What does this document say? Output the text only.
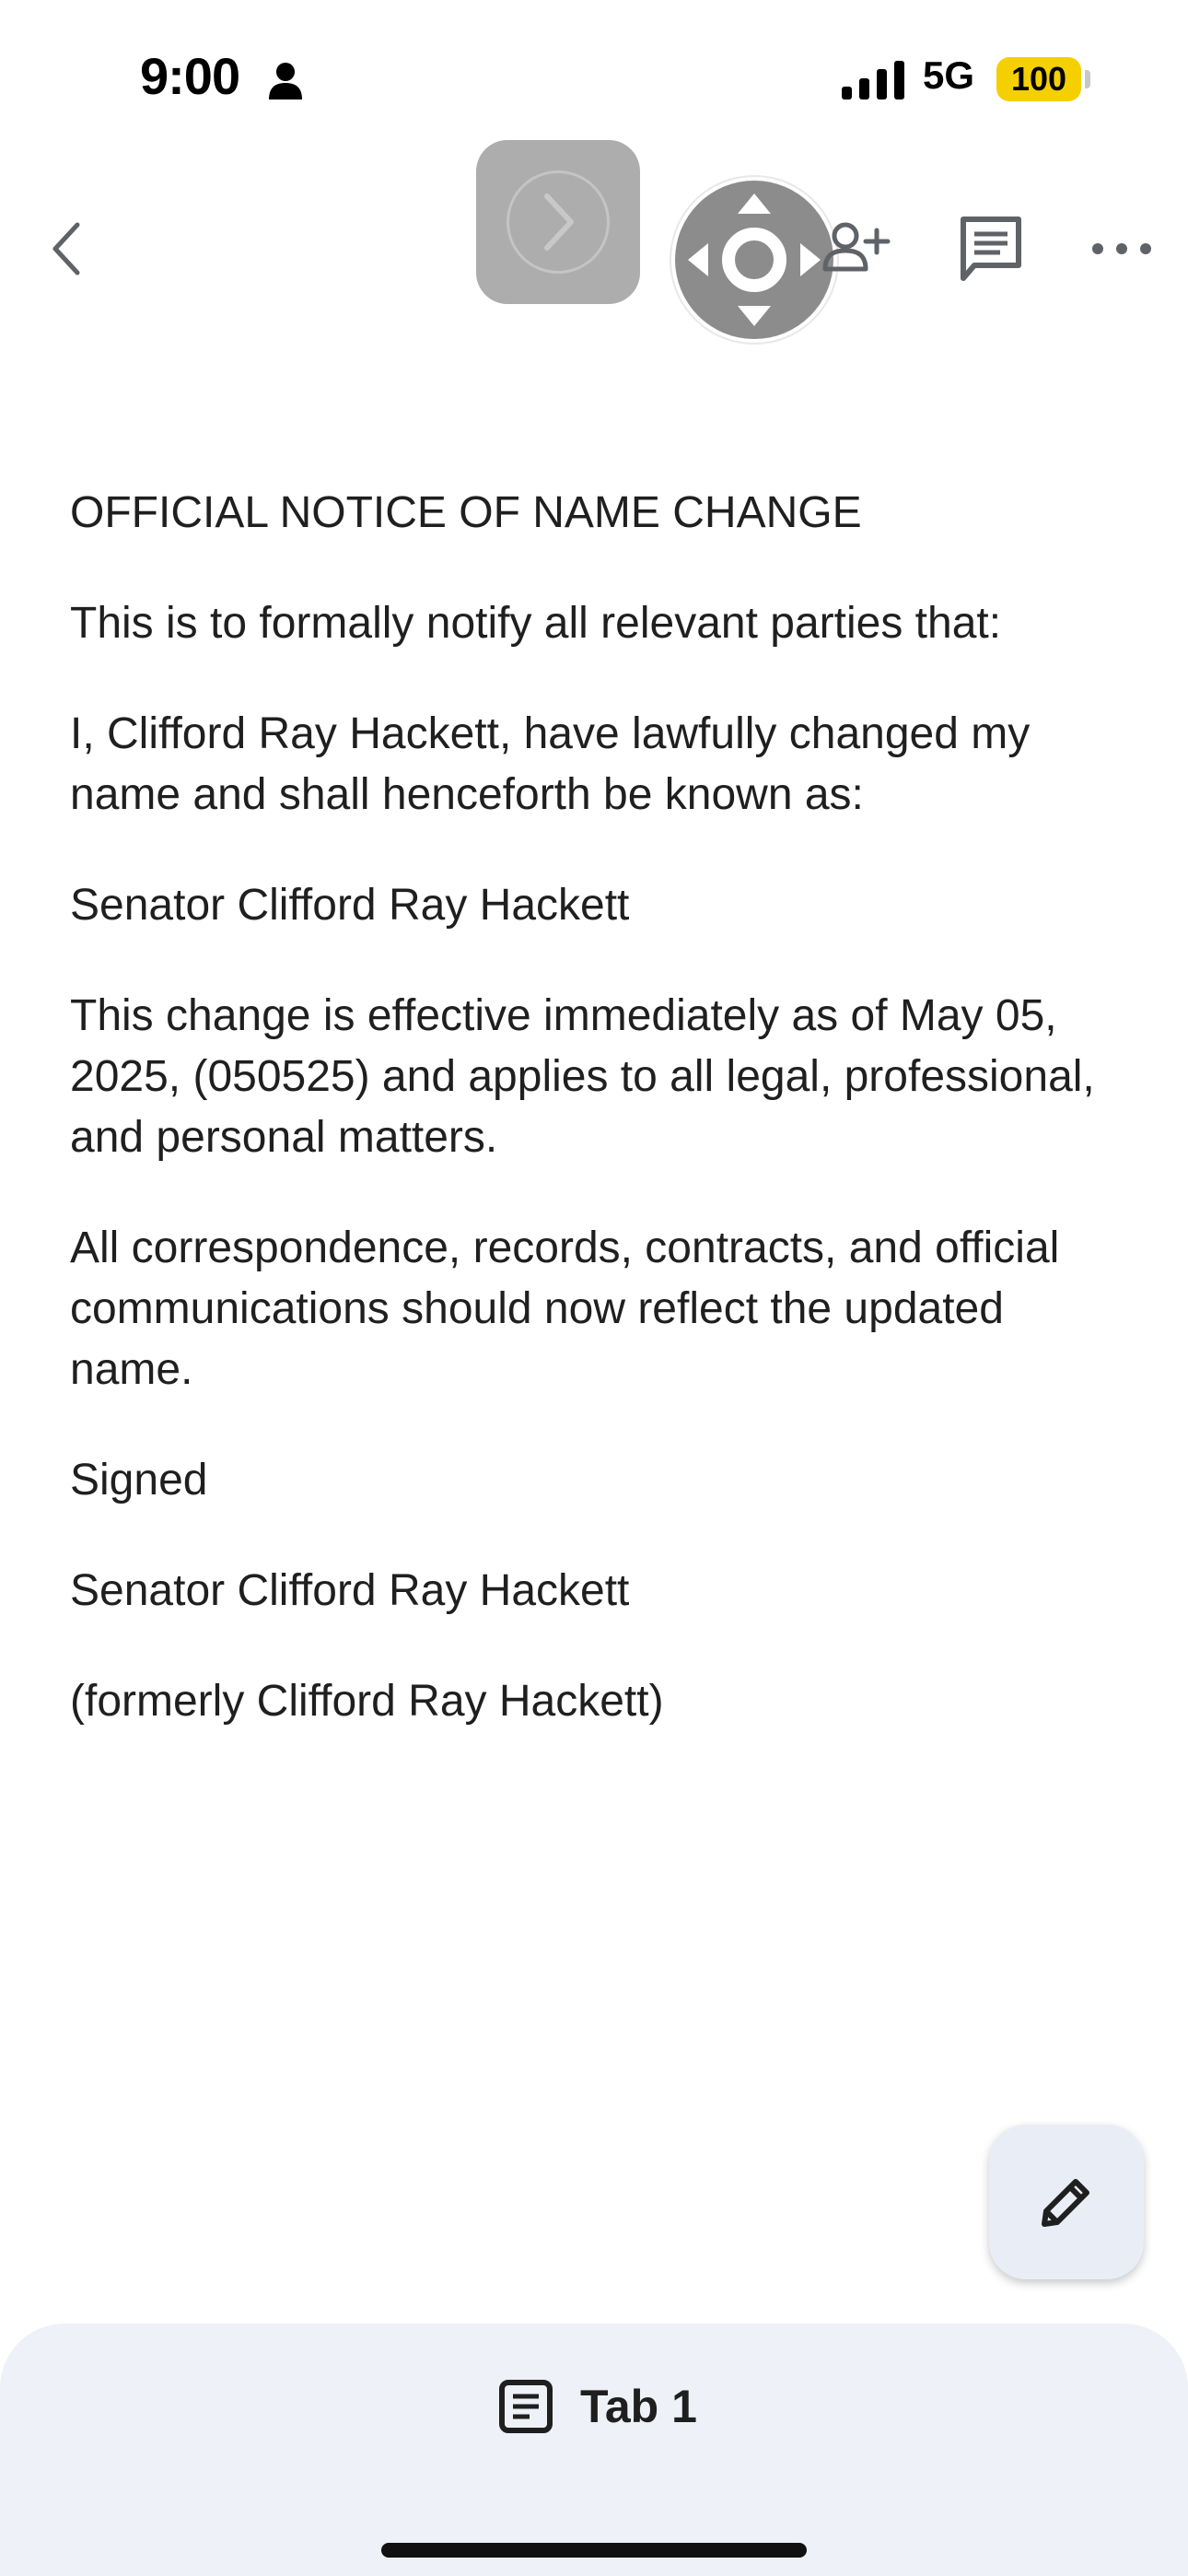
9:00	5G	100

OFFICIAL NOTICE OF NAME CHANGE

This is to formally notify all relevant parties that:

I, Clifford Ray Hackett, have lawfully changed my name and shall henceforth be known as:

Senator Clifford Ray Hackett

This change is effective immediately as of May 05, 2025, (050525) and applies to all legal, professional, and personal matters.

All correspondence, records, contracts, and official communications should now reflect the updated name.

Signed

Senator Clifford Ray Hackett

(formerly Clifford Ray Hackett)

Tab 1
